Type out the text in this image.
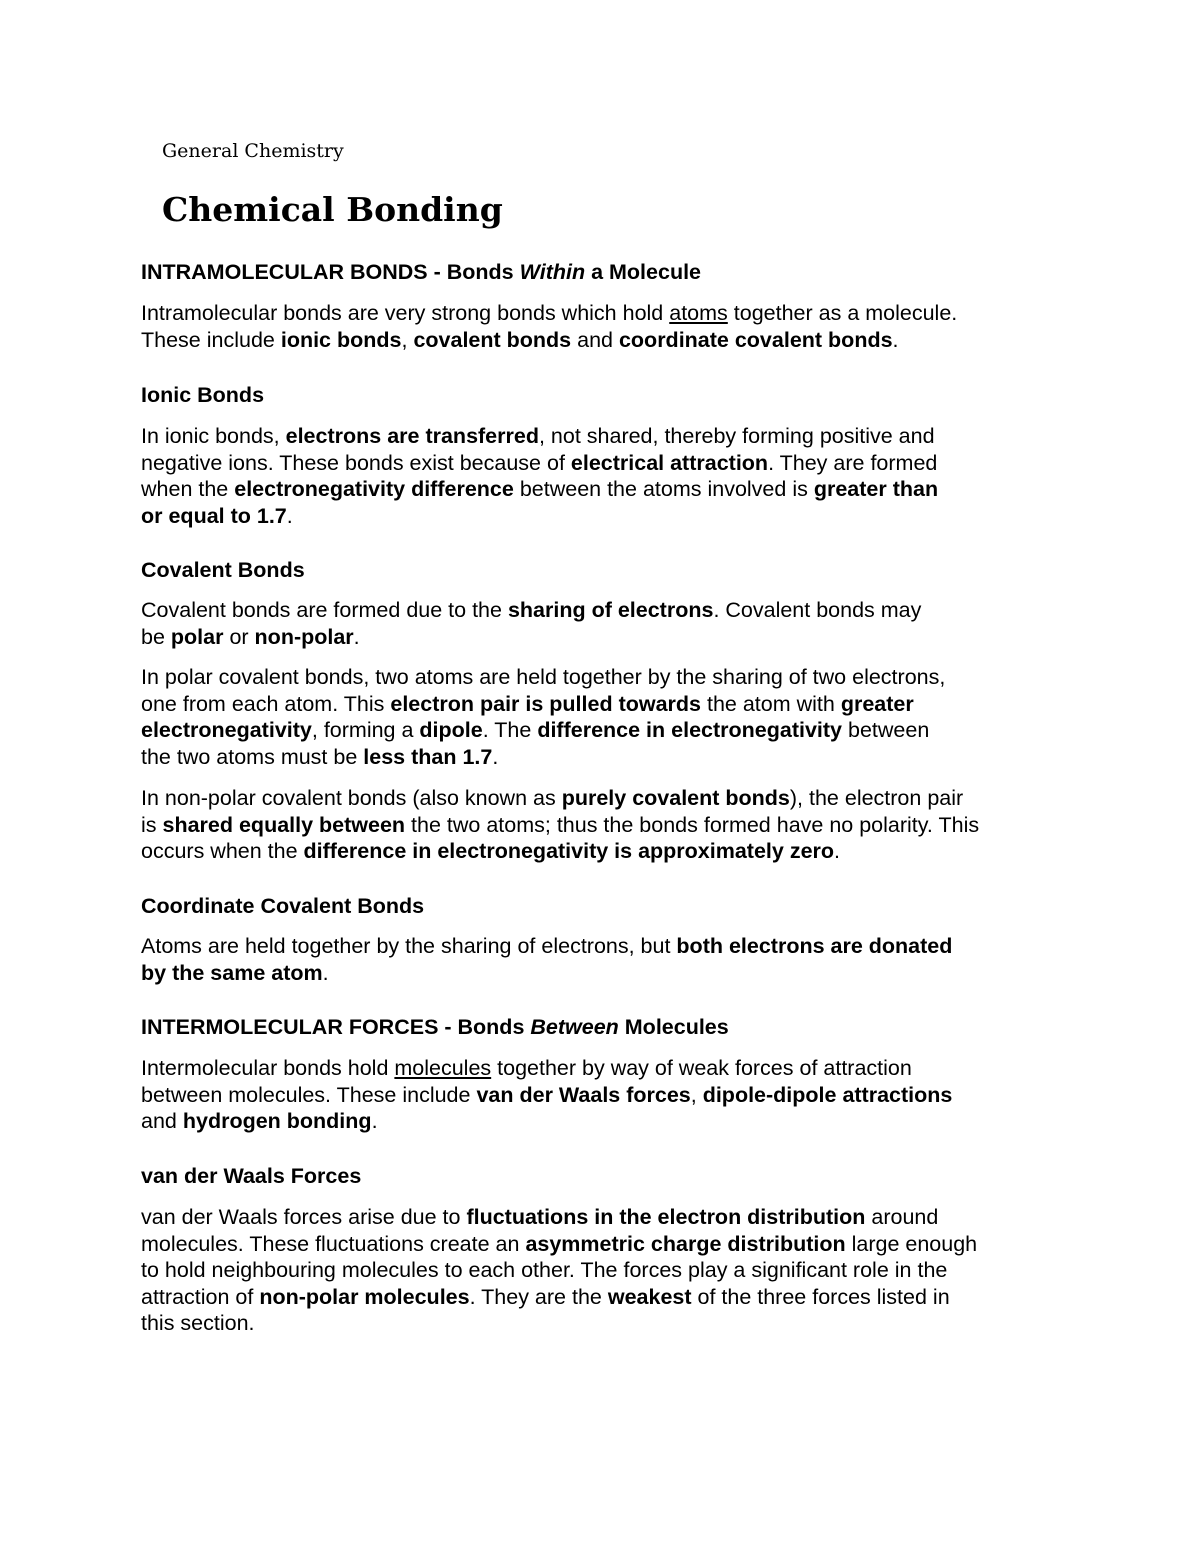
General Chemistry
Chemical Bonding
INTRAMOLECULAR BONDS - Bonds Within a Molecule
Intramolecular bonds are very strong bonds which hold atoms together as a molecule.
These include ionic bonds, covalent bonds and coordinate covalent bonds.
Ionic Bonds
In ionic bonds, electrons are transferred, not shared, thereby forming positive and
negative ions. These bonds exist because of electrical attraction. They are formed
when the electronegativity difference between the atoms involved is greater than
or equal to 1.7.
Covalent Bonds
Covalent bonds are formed due to the sharing of electrons. Covalent bonds may
be polar or non-polar.
In polar covalent bonds, two atoms are held together by the sharing of two electrons,
one from each atom. This electron pair is pulled towards the atom with greater
electronegativity, forming a dipole. The difference in electronegativity between
the two atoms must be less than 1.7.
In non-polar covalent bonds (also known as purely covalent bonds), the electron pair
is shared equally between the two atoms; thus the bonds formed have no polarity. This
occurs when the difference in electronegativity is approximately zero.
Coordinate Covalent Bonds
Atoms are held together by the sharing of electrons, but both electrons are donated
by the same atom.
INTERMOLECULAR FORCES - Bonds Between Molecules
Intermolecular bonds hold molecules together by way of weak forces of attraction
between molecules. These include van der Waals forces, dipole-dipole attractions
and hydrogen bonding.
van der Waals Forces
van der Waals forces arise due to fluctuations in the electron distribution around
molecules. These fluctuations create an asymmetric charge distribution large enough
to hold neighbouring molecules to each other. The forces play a significant role in the
attraction of non-polar molecules. They are the weakest of the three forces listed in
this section.
